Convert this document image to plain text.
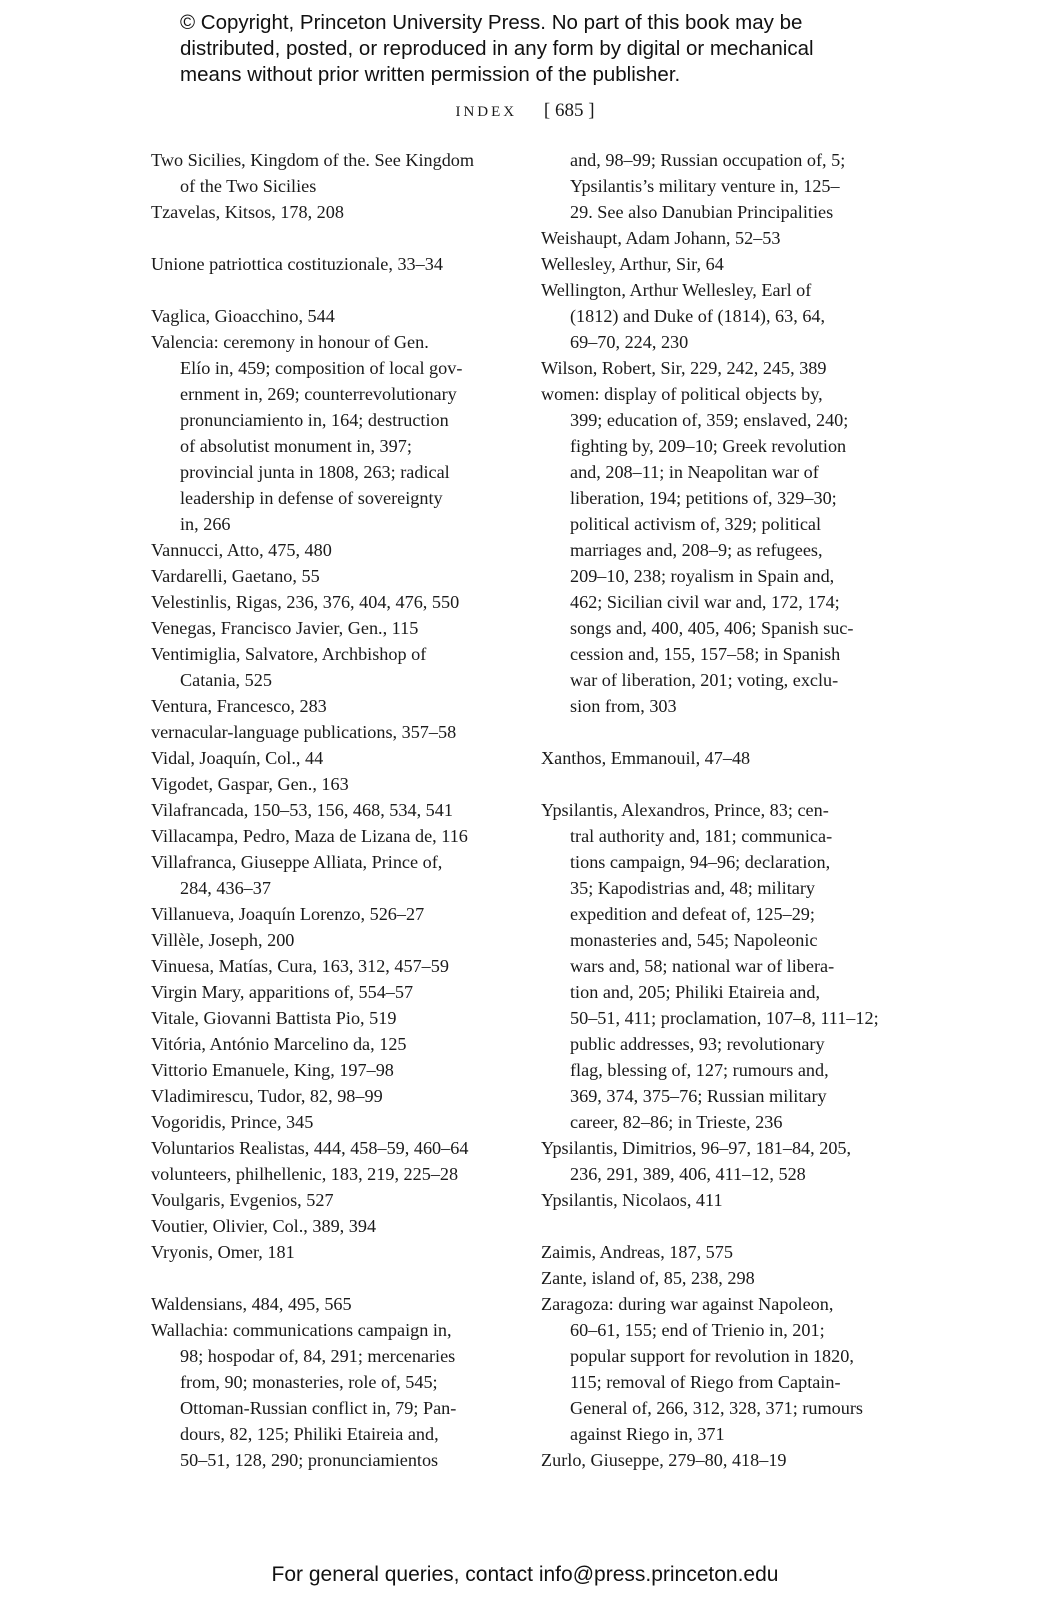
© Copyright, Princeton University Press. No part of this book may be
distributed, posted, or reproduced in any form by digital or mechanical
means without prior written permission of the publisher.
INDEX [ 685 ]
Two Sicilies, Kingdom of the. See Kingdom
of the Two Sicilies
Tzavelas, Kitsos, 178, 208
Unione patriottica costituzionale, 33–34
Vaglica, Gioacchino, 544
Valencia: ceremony in honour of Gen.
Elío in, 459; composition of local gov-
ernment in, 269; counterrevolutionary
pronunciamiento in, 164; destruction
of absolutist monument in, 397;
provincial junta in 1808, 263; radical
leadership in defense of sovereignty
in, 266
Vannucci, Atto, 475, 480
Vardarelli, Gaetano, 55
Velestinlis, Rigas, 236, 376, 404, 476, 550
Venegas, Francisco Javier, Gen., 115
Ventimiglia, Salvatore, Archbishop of
Catania, 525
Ventura, Francesco, 283
vernacular-language publications, 357–58
Vidal, Joaquín, Col., 44
Vigodet, Gaspar, Gen., 163
Vilafrancada, 150–53, 156, 468, 534, 541
Villacampa, Pedro, Maza de Lizana de, 116
Villafranca, Giuseppe Alliata, Prince of,
284, 436–37
Villanueva, Joaquín Lorenzo, 526–27
Villèle, Joseph, 200
Vinuesa, Matías, Cura, 163, 312, 457–59
Virgin Mary, apparitions of, 554–57
Vitale, Giovanni Battista Pio, 519
Vitória, António Marcelino da, 125
Vittorio Emanuele, King, 197–98
Vladimirescu, Tudor, 82, 98–99
Vogoridis, Prince, 345
Voluntarios Realistas, 444, 458–59, 460–64
volunteers, philhellenic, 183, 219, 225–28
Voulgaris, Evgenios, 527
Voutier, Olivier, Col., 389, 394
Vryonis, Omer, 181
Waldensians, 484, 495, 565
Wallachia: communications campaign in,
98; hospodar of, 84, 291; mercenaries
from, 90; monasteries, role of, 545;
Ottoman-Russian conflict in, 79; Pan-
dours, 82, 125; Philiki Etaireia and,
50–51, 128, 290; pronunciamientos
and, 98–99; Russian occupation of, 5;
Ypsilantis’s military venture in, 125–
29. See also Danubian Principalities
Weishaupt, Adam Johann, 52–53
Wellesley, Arthur, Sir, 64
Wellington, Arthur Wellesley, Earl of
(1812) and Duke of (1814), 63, 64,
69–70, 224, 230
Wilson, Robert, Sir, 229, 242, 245, 389
women: display of political objects by,
399; education of, 359; enslaved, 240;
fighting by, 209–10; Greek revolution
and, 208–11; in Neapolitan war of
liberation, 194; petitions of, 329–30;
political activism of, 329; political
marriages and, 208–9; as refugees,
209–10, 238; royalism in Spain and,
462; Sicilian civil war and, 172, 174;
songs and, 400, 405, 406; Spanish suc-
cession and, 155, 157–58; in Spanish
war of liberation, 201; voting, exclu-
sion from, 303
Xanthos, Emmanouil, 47–48
Ypsilantis, Alexandros, Prince, 83; cen-
tral authority and, 181; communica-
tions campaign, 94–96; declaration,
35; Kapodistrias and, 48; military
expedition and defeat of, 125–29;
monasteries and, 545; Napoleonic
wars and, 58; national war of libera-
tion and, 205; Philiki Etaireia and,
50–51, 411; proclamation, 107–8, 111–12;
public addresses, 93; revolutionary
flag, blessing of, 127; rumours and,
369, 374, 375–76; Russian military
career, 82–86; in Trieste, 236
Ypsilantis, Dimitrios, 96–97, 181–84, 205,
236, 291, 389, 406, 411–12, 528
Ypsilantis, Nicolaos, 411
Zaimis, Andreas, 187, 575
Zante, island of, 85, 238, 298
Zaragoza: during war against Napoleon,
60–61, 155; end of Trienio in, 201;
popular support for revolution in 1820,
115; removal of Riego from Captain-
General of, 266, 312, 328, 371; rumours
against Riego in, 371
Zurlo, Giuseppe, 279–80, 418–19
For general queries, contact info@press.princeton.edu
